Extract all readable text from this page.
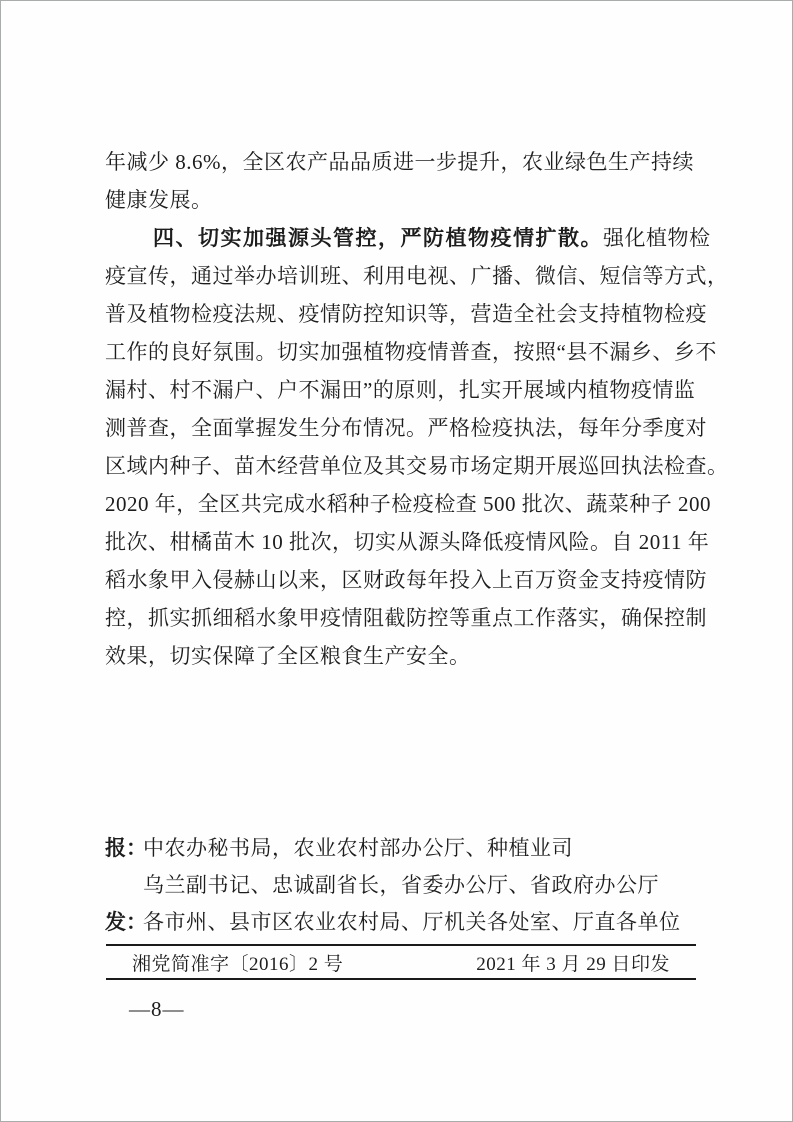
年减少 8.6%，全区农产品品质进一步提升，农业绿色生产持续
健康发展。
四、切实加强源头管控，严防植物疫情扩散。强化植物检
疫宣传，通过举办培训班、利用电视、广播、微信、短信等方式，
普及植物检疫法规、疫情防控知识等，营造全社会支持植物检疫
工作的良好氛围。切实加强植物疫情普查，按照“县不漏乡、乡不
漏村、村不漏户、户不漏田”的原则，扎实开展域内植物疫情监
测普查，全面掌握发生分布情况。严格检疫执法，每年分季度对
区域内种子、苗木经营单位及其交易市场定期开展巡回执法检查。
2020 年，全区共完成水稻种子检疫检查 500 批次、蔬菜种子 200
批次、柑橘苗木 10 批次，切实从源头降低疫情风险。自 2011 年
稻水象甲入侵赫山以来，区财政每年投入上百万资金支持疫情防
控，抓实抓细稻水象甲疫情阻截防控等重点工作落实，确保控制
效果，切实保障了全区粮食生产安全。
报：中农办秘书局，农业农村部办公厅、种植业司
乌兰副书记、忠诚副省长，省委办公厅、省政府办公厅
发：各市州、县市区农业农村局、厅机关各处室、厅直各单位
湘党简准字〔2016〕2 号	2021 年 3 月 29 日印发
—8—
